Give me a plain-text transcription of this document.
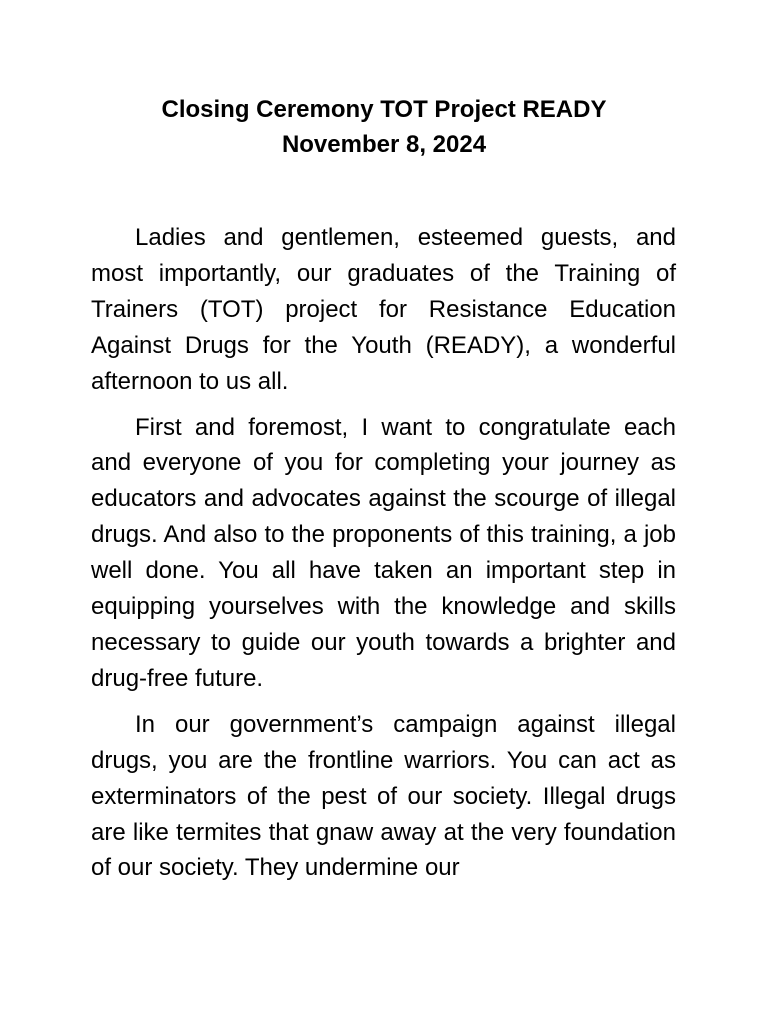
Closing Ceremony TOT Project READY
November 8, 2024

Ladies and gentlemen, esteemed guests, and most importantly, our graduates of the Training of Trainers (TOT) project for Resistance Education Against Drugs for the Youth (READY), a wonderful afternoon to us all.

First and foremost, I want to congratulate each and everyone of you for completing your journey as educators and advocates against the scourge of illegal drugs. And also to the proponents of this training, a job well done. You all have taken an important step in equipping yourselves with the knowledge and skills necessary to guide our youth towards a brighter and drug-free future.

In our government’s campaign against illegal drugs, you are the frontline warriors. You can act as exterminators of the pest of our society. Illegal drugs are like termites that gnaw away at the very foundation of our society. They undermine our
